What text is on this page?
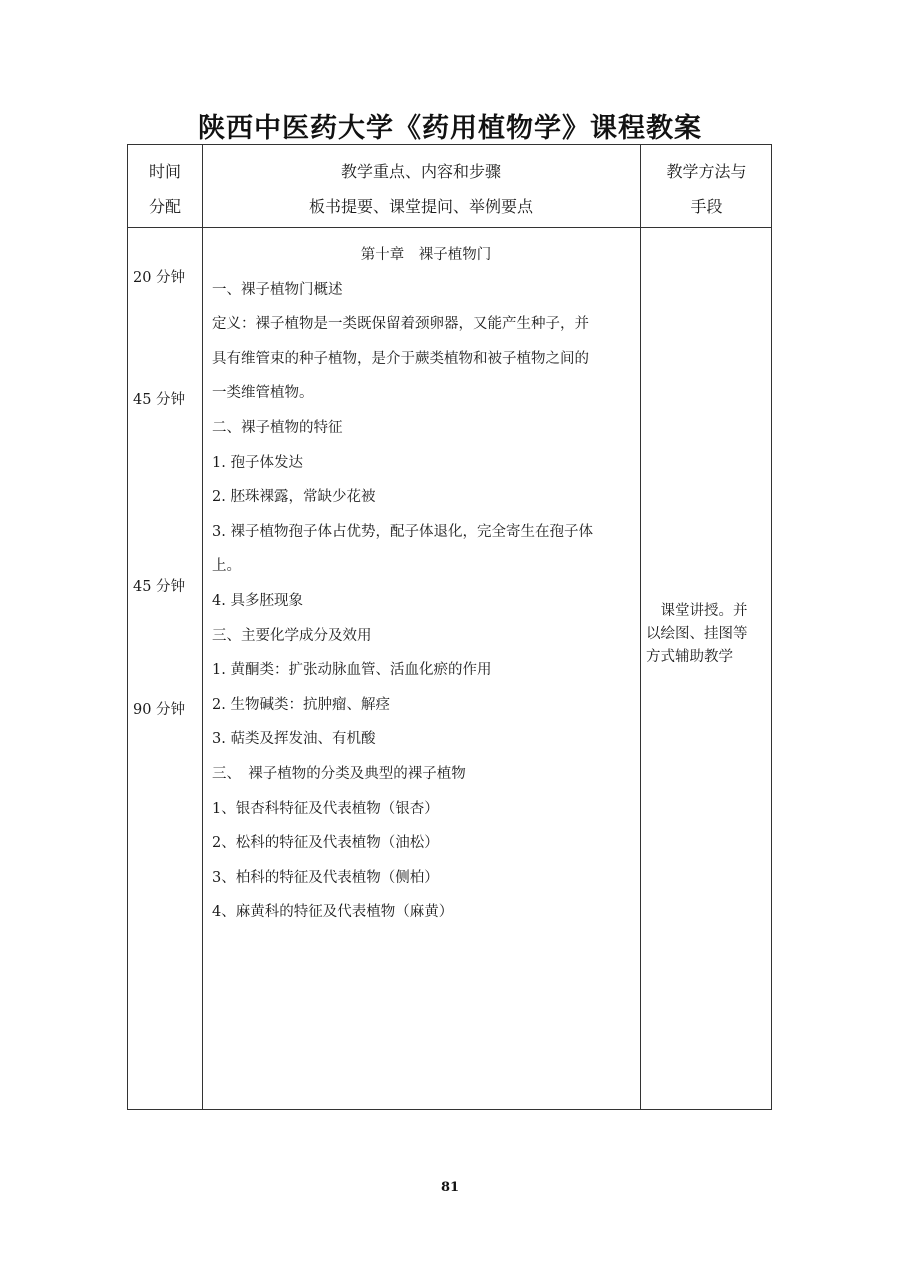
陕西中医药大学《药用植物学》课程教案
时间
分配
教学重点、内容和步骤
板书提要、课堂提问、举例要点
教学方法与
手段
20 分钟
45 分钟
45 分钟
90 分钟
第十章　裸子植物门
一、裸子植物门概述
定义：裸子植物是一类既保留着颈卵器，又能产生种子，并
具有维管束的种子植物，是介于蕨类植物和被子植物之间的
一类维管植物。
二、裸子植物的特征
1. 孢子体发达
2. 胚珠裸露，常缺少花被
3. 裸子植物孢子体占优势，配子体退化，完全寄生在孢子体
上。
4. 具多胚现象
三、主要化学成分及效用
1. 黄酮类：扩张动脉血管、活血化瘀的作用
2. 生物碱类：抗肿瘤、解痉
3. 萜类及挥发油、有机酸
三、　裸子植物的分类及典型的裸子植物
1、银杏科特征及代表植物（银杏）
2、松科的特征及代表植物（油松）
3、柏科的特征及代表植物（侧柏）
4、麻黄科的特征及代表植物（麻黄）
　课堂讲授。并
以绘图、挂图等
方式辅助教学
81
